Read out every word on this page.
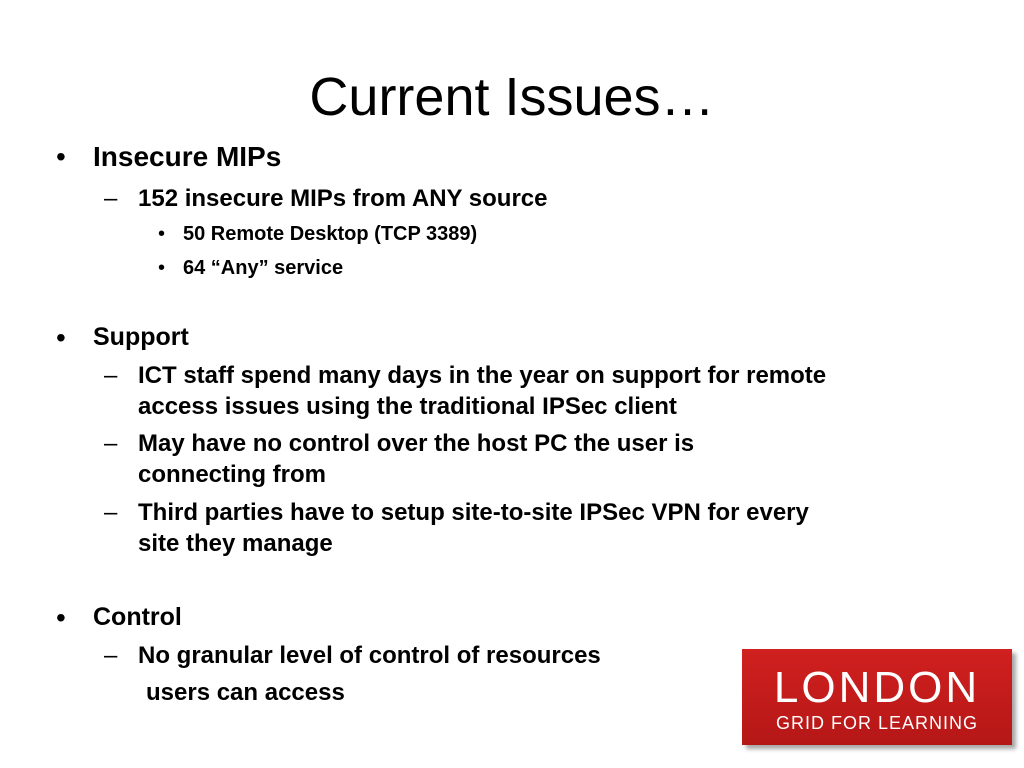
Current Issues…
• Insecure MIPs
– 152 insecure MIPs from ANY source
• 50 Remote Desktop (TCP 3389)
• 64 “Any” service
• Support
– ICT staff spend many days in the year on support for remote
access issues using the traditional IPSec client
– May have no control over the host PC the user is
connecting from
– Third parties have to setup site-to-site IPSec VPN for every
site they manage
• Control
– No granular level of control of resources
users can access	LONDON
GRID FOR LEARNING
